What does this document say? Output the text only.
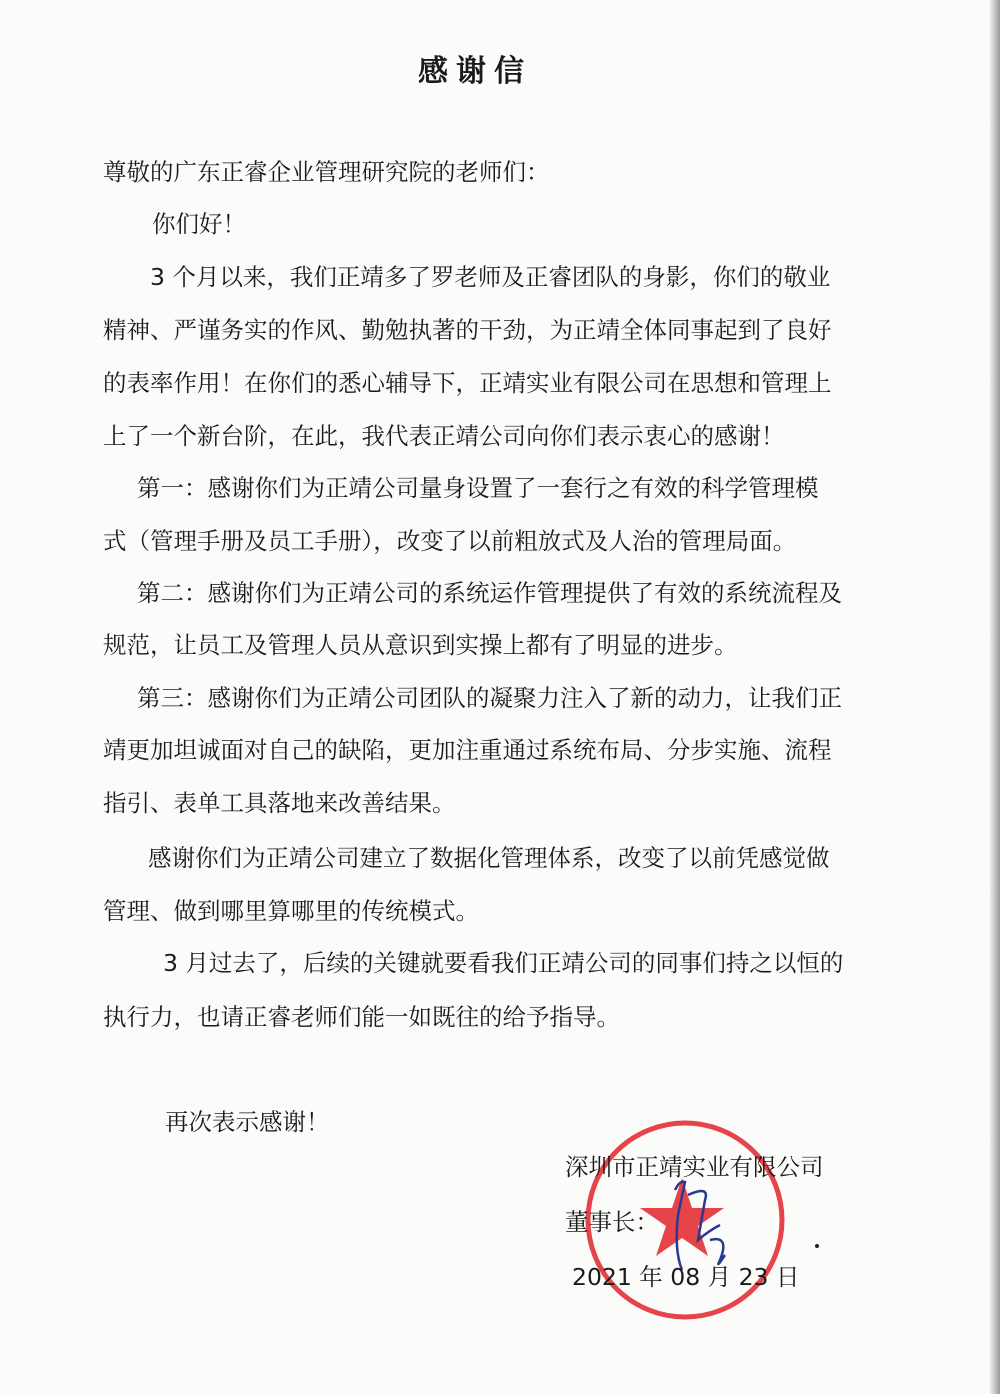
感谢信
尊敬的广东正睿企业管理研究院的老师们：
你们好！
3 个月以来，我们正靖多了罗老师及正睿团队的身影，你们的敬业
精神、严谨务实的作风、勤勉执著的干劲，为正靖全体同事起到了良好
的表率作用！在你们的悉心辅导下，正靖实业有限公司在思想和管理上
上了一个新台阶，在此，我代表正靖公司向你们表示衷心的感谢！
第一：感谢你们为正靖公司量身设置了一套行之有效的科学管理模
式（管理手册及员工手册），改变了以前粗放式及人治的管理局面。
第二：感谢你们为正靖公司的系统运作管理提供了有效的系统流程及
规范，让员工及管理人员从意识到实操上都有了明显的进步。
第三：感谢你们为正靖公司团队的凝聚力注入了新的动力，让我们正
靖更加坦诚面对自己的缺陷，更加注重通过系统布局、分步实施、流程
指引、表单工具落地来改善结果。
感谢你们为正靖公司建立了数据化管理体系，改变了以前凭感觉做
管理、做到哪里算哪里的传统模式。
3 月过去了，后续的关键就要看我们正靖公司的同事们持之以恒的
执行力，也请正睿老师们能一如既往的给予指导。
再次表示感谢！
深圳市正靖实业有限公司
董事长：
2021 年 08 月 23 日
